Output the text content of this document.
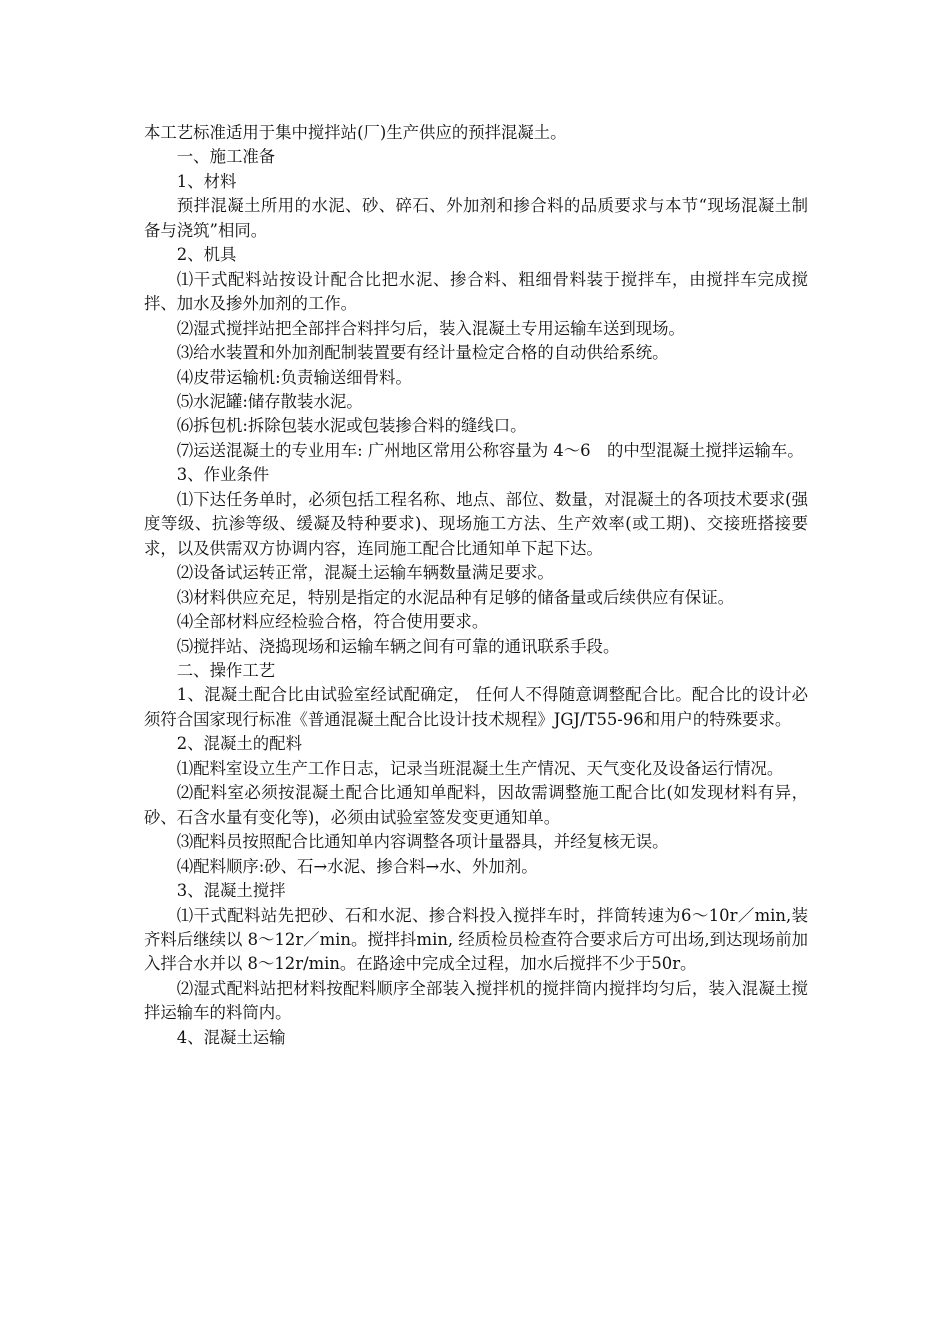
本工艺标准适用于集中搅拌站(厂)生产供应的预拌混凝土。

一、施工准备

1、材料

预拌混凝土所用的水泥、砂、碎石、外加剂和掺合料的品质要求与本节“现场混凝土制备与浇筑”相同。

2、机具

⑴干式配料站按设计配合比把水泥、掺合料、粗细骨料装于搅拌车，由搅拌车完成搅拌、加水及掺外加剂的工作。

⑵湿式搅拌站把全部拌合料拌匀后，装入混凝土专用运输车送到现场。

⑶给水装置和外加剂配制装置要有经计量检定合格的自动供给系统。

⑷皮带运输机:负责输送细骨料。

⑸水泥罐:储存散装水泥。

⑹拆包机:拆除包装水泥或包装掺合料的缝线口。

⑺运送混凝土的专业用车: 广州地区常用公称容量为 4～6　的中型混凝土搅拌运输车。

3、作业条件

⑴下达任务单时，必须包括工程名称、地点、部位、数量，对混凝土的各项技术要求(强度等级、抗渗等级、缓凝及特种要求)、现场施工方法、生产效率(或工期)、交接班搭接要求，以及供需双方协调内容，连同施工配合比通知单下起下达。

⑵设备试运转正常，混凝土运输车辆数量满足要求。

⑶材料供应充足，特别是指定的水泥品种有足够的储备量或后续供应有保证。

⑷全部材料应经检验合格，符合使用要求。

⑸搅拌站、浇捣现场和运输车辆之间有可靠的通讯联系手段。

二、操作工艺

1、混凝土配合比由试验室经试配确定， 任何人不得随意调整配合比。配合比的设计必须符合国家现行标准《普通混凝土配合比设计技术规程》JGJ/T55-96和用户的特殊要求。

2、混凝土的配料

⑴配料室设立生产工作日志，记录当班混凝土生产情况、天气变化及设备运行情况。

⑵配料室必须按混凝土配合比通知单配料，因故需调整施工配合比(如发现材料有异，砂、石含水量有变化等)，必须由试验室签发变更通知单。

⑶配料员按照配合比通知单内容调整各项计量器具，并经复核无误。

⑷配料顺序:砂、石→水泥、掺合料→水、外加剂。

3、混凝土搅拌

⑴干式配料站先把砂、石和水泥、掺合料投入搅拌车时，拌筒转速为6～10r／min,装齐料后继续以 8～12r／min。搅拌抖min, 经质检员检查符合要求后方可出场,到达现场前加入拌合水并以 8～12r/min。在路途中完成全过程，加水后搅拌不少于50r。

⑵湿式配料站把材料按配料顺序全部装入搅拌机的搅拌筒内搅拌均匀后，装入混凝土搅拌运输车的料筒内。

4、混凝土运输
